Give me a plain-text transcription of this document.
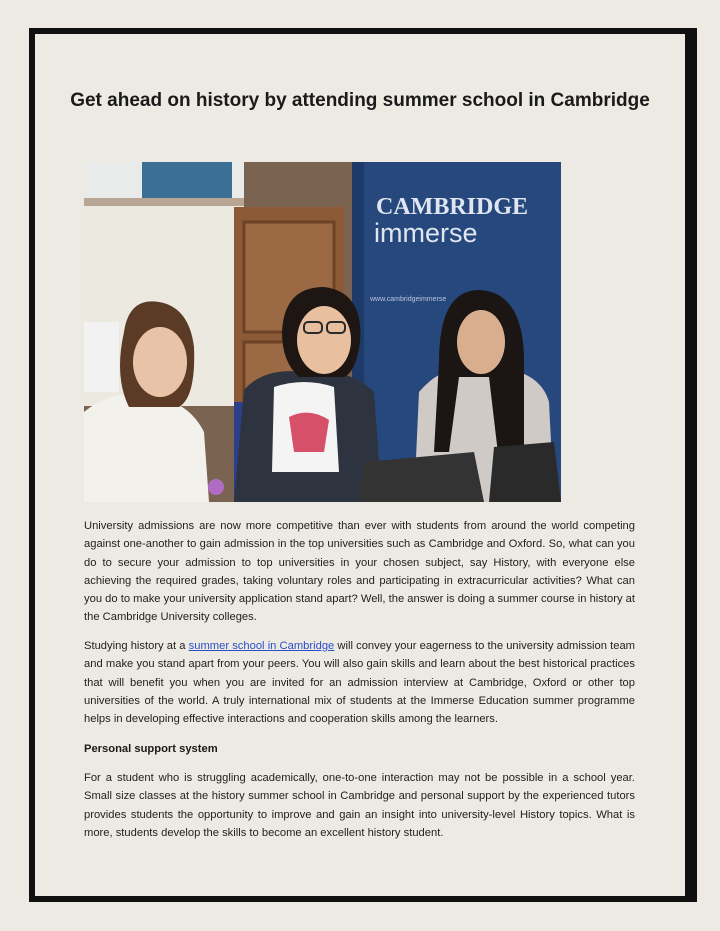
Get ahead on history by attending summer school in Cambridge
CAMBRIDGE
immerse
www.cambridgeimmerse

University admissions are now more competitive than ever with students from around the world competing against one-another to gain admission in the top universities such as Cambridge and Oxford. So, what can you do to secure your admission to top universities in your chosen subject, say History, with everyone else achieving the required grades, taking voluntary roles and participating in extracurricular activities? What can you do to make your university application stand apart? Well, the answer is doing a summer course in history at the Cambridge University colleges.

Studying history at a summer school in Cambridge will convey your eagerness to the university admission team and make you stand apart from your peers. You will also gain skills and learn about the best historical practices that will benefit you when you are invited for an admission interview at Cambridge, Oxford or other top universities of the world. A truly international mix of students at the Immerse Education summer programme helps in developing effective interactions and cooperation skills among the learners.

Personal support system

For a student who is struggling academically, one-to-one interaction may not be possible in a school year. Small size classes at the history summer school in Cambridge and personal support by the experienced tutors provides students the opportunity to improve and gain an insight into university-level History topics. What is more, students develop the skills to become an excellent history student.
